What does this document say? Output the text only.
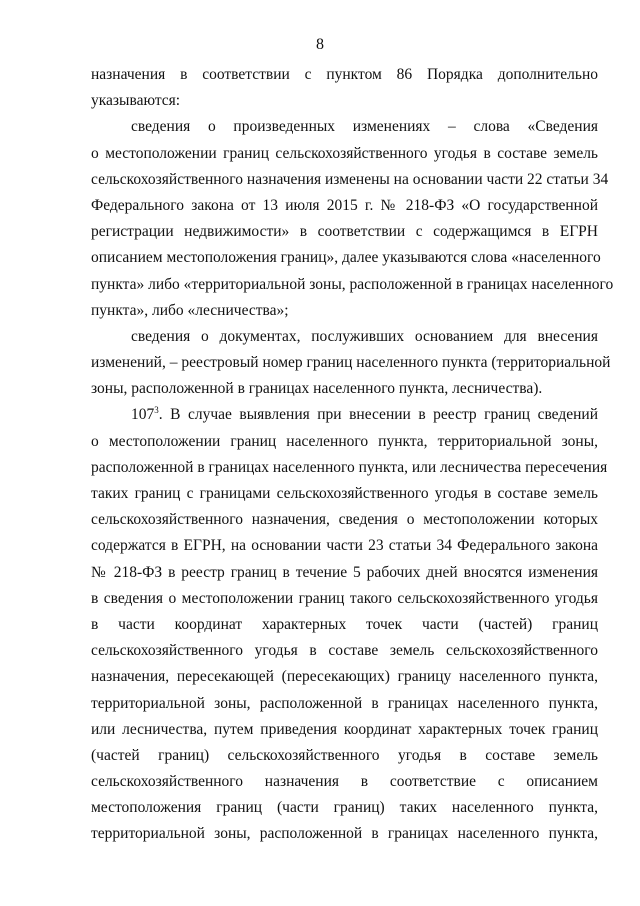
8
назначения в соответствии с пунктом 86 Порядка дополнительно
указываются:
сведения о произведенных изменениях – слова «Сведения
о местоположении границ сельскохозяйственного угодья в составе земель
сельскохозяйственного назначения изменены на основании части 22 статьи 34
Федерального закона от 13 июля 2015 г. № 218-ФЗ «О государственной
регистрации недвижимости» в соответствии с содержащимся в ЕГРН
описанием местоположения границ», далее указываются слова «населенного
пункта» либо «территориальной зоны, расположенной в границах населенного
пункта», либо «лесничества»;
сведения о документах, послуживших основанием для внесения
изменений, – реестровый номер границ населенного пункта (территориальной
зоны, расположенной в границах населенного пункта, лесничества).
$107^3$. В случае выявления при внесении в реестр границ сведений
о местоположении границ населенного пункта, территориальной зоны,
расположенной в границах населенного пункта, или лесничества пересечения
таких границ с границами сельскохозяйственного угодья в составе земель
сельскохозяйственного назначения, сведения о местоположении которых
содержатся в ЕГРН, на основании части 23 статьи 34 Федерального закона
№ 218-ФЗ в реестр границ в течение 5 рабочих дней вносятся изменения
в сведения о местоположении границ такого сельскохозяйственного угодья
в части координат характерных точек части (частей) границ
сельскохозяйственного угодья в составе земель сельскохозяйственного
назначения, пересекающей (пересекающих) границу населенного пункта,
территориальной зоны, расположенной в границах населенного пункта,
или лесничества, путем приведения координат характерных точек границ
(частей границ) сельскохозяйственного угодья в составе земель
сельскохозяйственного назначения в соответствие с описанием
местоположения границ (части границ) таких населенного пункта,
территориальной зоны, расположенной в границах населенного пункта,
